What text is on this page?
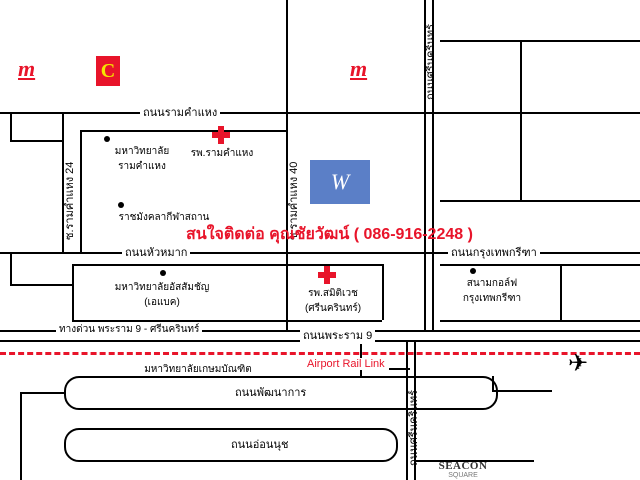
Airport Rail Link
ถนนรามคำแหง
ถนนหัวหมาก	ถนนกรุงเทพกรีฑา
ถนนพระราม 9
ทางด่วน พระราม 9 - ศรีนครินทร์
ถนนพัฒนาการ
ถนนอ่อนนุช
ซ.รามคำแหง 24	ซ.รามคำแหง 40
ถนนศรีนครินทร์
ถนนศรีนครินทร์
มหาวิทยาลัย
รามคำแหง
รพ.รามคำแหง
ราชมังคลากีฬาสถาน
มหาวิทยาลัยอัสสัมชัญ
(เอแบค)
รพ.สมิติเวช
(ศรีนครินทร์)
สนามกอล์ฟ
กรุงเทพกรีฑา
มหาวิทยาลัยเกษมบัณฑิต
m	m
C
W
✈
SEACON
SQUARE
สนใจติดต่อ คุณชัยวัฒน์ ( 086-916-2248 )
